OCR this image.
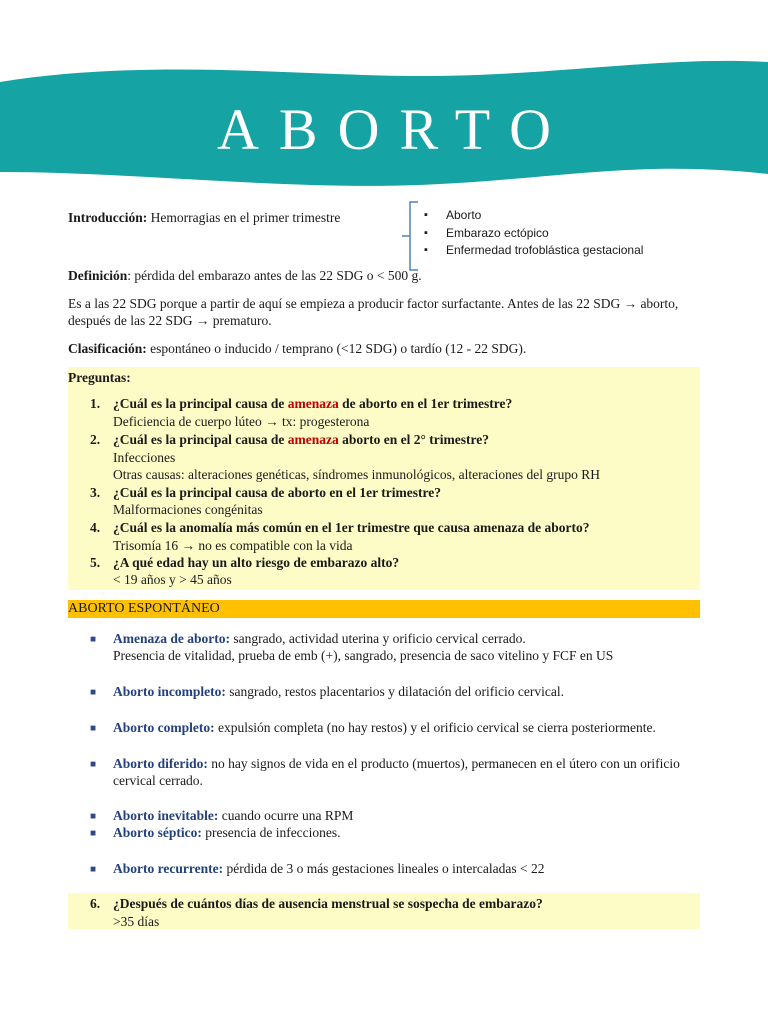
ABORTO
Introducción: Hemorragias en el primer trimestre
▪	Aborto
▪ Embarazo ectópico
▪ Enfermedad trofoblástica gestacional
Definición: pérdida del embarazo antes de las 22 SDG o < 500 g.
Es a las 22 SDG porque a partir de aquí se empieza a producir factor surfactante. Antes de las 22 SDG → aborto,
después de las 22 SDG → prematuro.
Clasificación: espontáneo o inducido / temprano (<12 SDG) o tardío (12 - 22 SDG).
Preguntas:
1. ¿Cuál es la principal causa de amenaza de aborto en el 1er trimestre?
Deficiencia de cuerpo lúteo → tx: progesterona
2. ¿Cuál es la principal causa de amenaza aborto en el 2° trimestre?
Infecciones
Otras causas: alteraciones genéticas, síndromes inmunológicos, alteraciones del grupo RH
3. ¿Cuál es la principal causa de aborto en el 1er trimestre?
Malformaciones congénitas
4. ¿Cuál es la anomalía más común en el 1er trimestre que causa amenaza de aborto?
Trisomía 16 → no es compatible con la vida
5. ¿A qué edad hay un alto riesgo de embarazo alto?
< 19 años y > 45 años
ABORTO ESPONTÁNEO
■ Amenaza de aborto: sangrado, actividad uterina y orificio cervical cerrado.
Presencia de vitalidad, prueba de emb (+), sangrado, presencia de saco vitelino y FCF en US
■ Aborto incompleto: sangrado, restos placentarios y dilatación del orificio cervical.
■ Aborto completo: expulsión completa (no hay restos) y el orificio cervical se cierra posteriormente.
■ Aborto diferido: no hay signos de vida en el producto (muertos), permanecen en el útero con un orificio
cervical cerrado.
■ Aborto inevitable: cuando ocurre una RPM
■ Aborto séptico: presencia de infecciones.
■ Aborto recurrente: pérdida de 3 o más gestaciones lineales o intercaladas < 22
6. ¿Después de cuántos días de ausencia menstrual se sospecha de embarazo?
>35 días
